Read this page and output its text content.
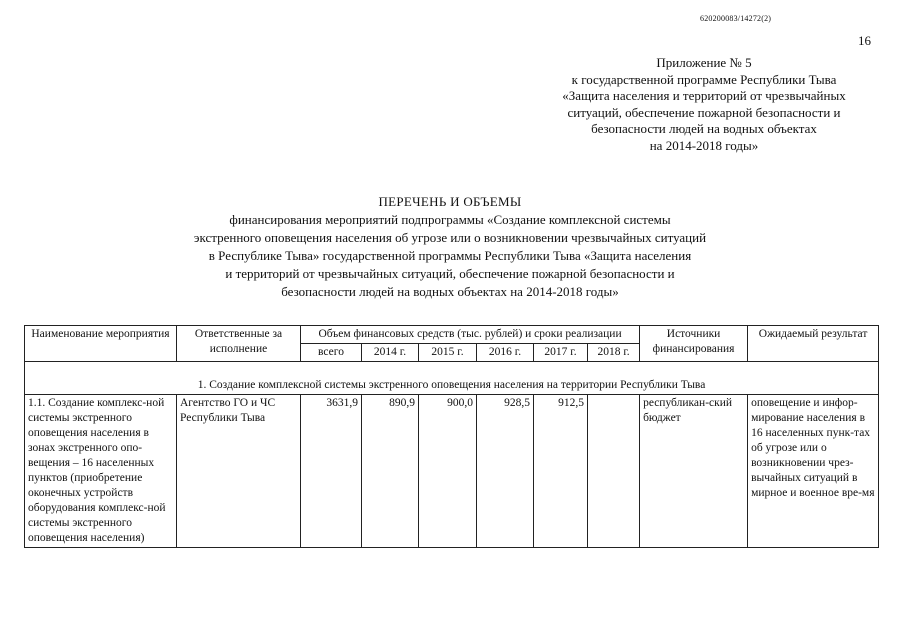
620200083/14272(2)
16
Приложение № 5
к государственной программе Республики Тыва
«Защита населения и территорий от чрезвычайных
ситуаций, обеспечение пожарной безопасности и
безопасности людей на водных объектах
на 2014-2018 годы»
ПЕРЕЧЕНЬ И ОБЪЕМЫ
финансирования мероприятий подпрограммы «Создание комплексной системы
экстренного оповещения населения об угрозе или о возникновении чрезвычайных ситуаций
в Республике Тыва» государственной программы Республики Тыва «Защита населения
и территорий от чрезвычайных ситуаций, обеспечение пожарной безопасности и
безопасности людей на водных объектах на 2014-2018 годы»
Наименование мероприятия	Ответственные за исполнение	Объем финансовых средств (тыс. рублей) и сроки реализации						Источники финансирования	Ожидаемый результат
		всего	2014 г.	2015 г.	2016 г.	2017 г.	2018 г.		
1. Создание комплексной системы экстренного оповещения населения на территории Республики Тыва									
1.1. Создание комплекс-ной системы экстренного оповещения населения в зонах экстренного опо-вещения – 16 населенных пунктов (приобретение оконечных устройств оборудования комплекс-ной системы экстренного оповещения населения)	Агентство ГО и ЧС Республики Тыва	3631,9	890,9	900,0	928,5	912,5		республикан-ский бюджет	оповещение и инфор-мирование населения в 16 населенных пунк-тах об угрозе или о возникновении чрез-вычайных ситуаций в мирное и военное вре-мя
